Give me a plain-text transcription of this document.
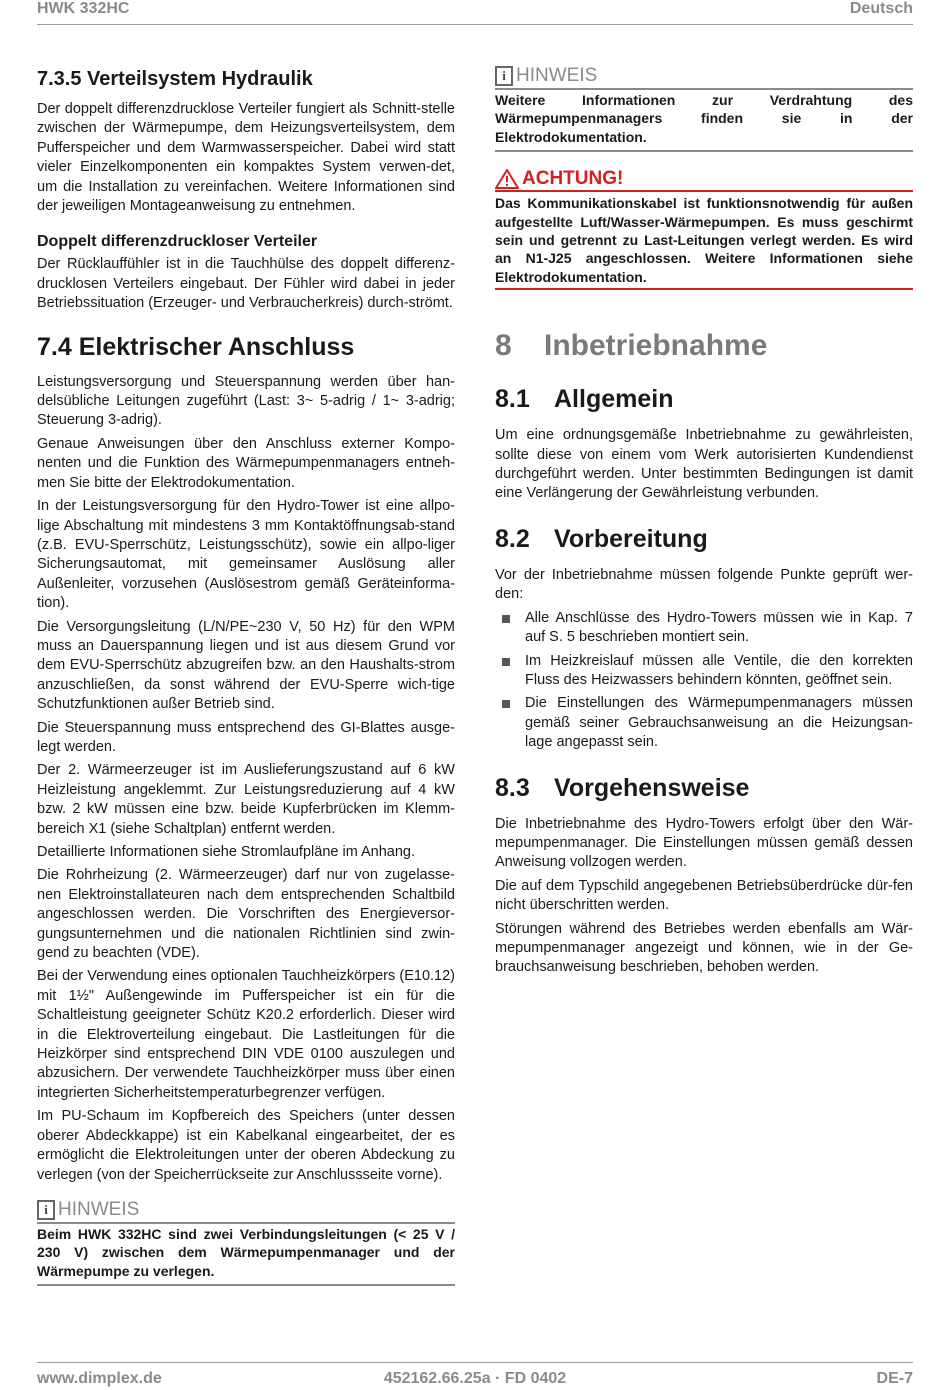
HWK 332HC	Deutsch
7.3.5 Verteilsystem Hydraulik

Der doppelt differenzdrucklose Verteiler fungiert als Schnitt-stelle zwischen der Wärmepumpe, dem Heizungsverteilsystem, dem Pufferspeicher und dem Warmwasserspeicher. Dabei wird statt vieler Einzelkomponenten ein kompaktes System verwen-det, um die Installation zu vereinfachen. Weitere Informationen sind der jeweiligen Montageanweisung zu entnehmen.

Doppelt differenzdruckloser Verteiler

Der Rücklauffühler ist in die Tauchhülse des doppelt differenz-drucklosen Verteilers eingebaut. Der Fühler wird dabei in jeder Betriebssituation (Erzeuger- und Verbraucherkreis) durch-strömt.

7.4 Elektrischer Anschluss

Leistungsversorgung und Steuerspannung werden über han-delsübliche Leitungen zugeführt (Last: 3~ 5-adrig / 1~ 3-adrig; Steuerung 3-adrig).

Genaue Anweisungen über den Anschluss externer Kompo-nenten und die Funktion des Wärmepumpenmanagers entneh-men Sie bitte der Elektrodokumentation.

In der Leistungsversorgung für den Hydro-Tower ist eine allpo-lige Abschaltung mit mindestens 3 mm Kontaktöffnungsab-stand (z.B. EVU-Sperrschütz, Leistungsschütz), sowie ein allpo-liger Sicherungsautomat, mit gemeinsamer Auslösung aller Außenleiter, vorzusehen (Auslösestrom gemäß Geräteinforma-tion).

Die Versorgungsleitung (L/N/PE~230 V, 50 Hz) für den WPM muss an Dauerspannung liegen und ist aus diesem Grund vor dem EVU-Sperrschütz abzugreifen bzw. an den Haushalts-strom anzuschließen, da sonst während der EVU-Sperre wich-tige Schutzfunktionen außer Betrieb sind.

Die Steuerspannung muss entsprechend des GI-Blattes ausge-legt werden.

Der 2. Wärmeerzeuger ist im Auslieferungszustand auf 6 kW Heizleistung angeklemmt. Zur Leistungsreduzierung auf 4 kW bzw. 2 kW müssen eine bzw. beide Kupferbrücken im Klemm-bereich X1 (siehe Schaltplan) entfernt werden.

Detaillierte Informationen siehe Stromlaufpläne im Anhang.

Die Rohrheizung (2. Wärmeerzeuger) darf nur von zugelasse-nen Elektroinstallateuren nach dem entsprechenden Schaltbild angeschlossen werden. Die Vorschriften des Energieversor-gungsunternehmen und die nationalen Richtlinien sind zwin-gend zu beachten (VDE).

Bei der Verwendung eines optionalen Tauchheizkörpers (E10.12) mit 1½" Außengewinde im Pufferspeicher ist ein für die Schaltleistung geeigneter Schütz K20.2 erforderlich. Dieser wird in die Elektroverteilung eingebaut. Die Lastleitungen für die Heizkörper sind entsprechend DIN VDE 0100 auszulegen und abzusichern. Der verwendete Tauchheizkörper muss über einen integrierten Sicherheitstemperaturbegrenzer verfügen.

Im PU-Schaum im Kopfbereich des Speichers (unter dessen oberer Abdeckkappe) ist ein Kabelkanal eingearbeitet, der es ermöglicht die Elektroleitungen unter der oberen Abdeckung zu verlegen (von der Speicherrückseite zur Anschlussseite vorne).

i HINWEIS

Beim HWK 332HC sind zwei Verbindungsleitungen (< 25 V / 230 V) zwischen dem Wärmepumpenmanager und der Wärmepumpe zu verlegen.

i HINWEIS

Weitere Informationen zur Verdrahtung des Wärmepumpenmanagers finden sie in der Elektrodokumentation.

ACHTUNG!

Das Kommunikationskabel ist funktionsnotwendig für außen aufgestellte Luft/Wasser-Wärmepumpen. Es muss geschirmt sein und getrennt zu Last-Leitungen verlegt werden. Es wird an N1-J25 angeschlossen. Weitere Informationen siehe Elektrodokumentation.

8 Inbetriebnahme
8.1 Allgemein

Um eine ordnungsgemäße Inbetriebnahme zu gewährleisten, sollte diese von einem vom Werk autorisierten Kundendienst durchgeführt werden. Unter bestimmten Bedingungen ist damit eine Verlängerung der Gewährleistung verbunden.

8.2 Vorbereitung

Vor der Inbetriebnahme müssen folgende Punkte geprüft wer-den:

Alle Anschlüsse des Hydro-Towers müssen wie in Kap. 7 auf S. 5 beschrieben montiert sein.
Im Heizkreislauf müssen alle Ventile, die den korrekten Fluss des Heizwassers behindern könnten, geöffnet sein.
Die Einstellungen des Wärmepumpenmanagers müssen gemäß seiner Gebrauchsanweisung an die Heizungsan-lage angepasst sein.
8.3 Vorgehensweise

Die Inbetriebnahme des Hydro-Towers erfolgt über den Wär-mepumpenmanager. Die Einstellungen müssen gemäß dessen Anweisung vollzogen werden.

Die auf dem Typschild angegebenen Betriebsüberdrücke dür-fen nicht überschritten werden.

Störungen während des Betriebes werden ebenfalls am Wär-mepumpenmanager angezeigt und können, wie in der Ge-brauchsanweisung beschrieben, behoben werden.

www.dimplex.de	452162.66.25a · FD 0402	DE-7
